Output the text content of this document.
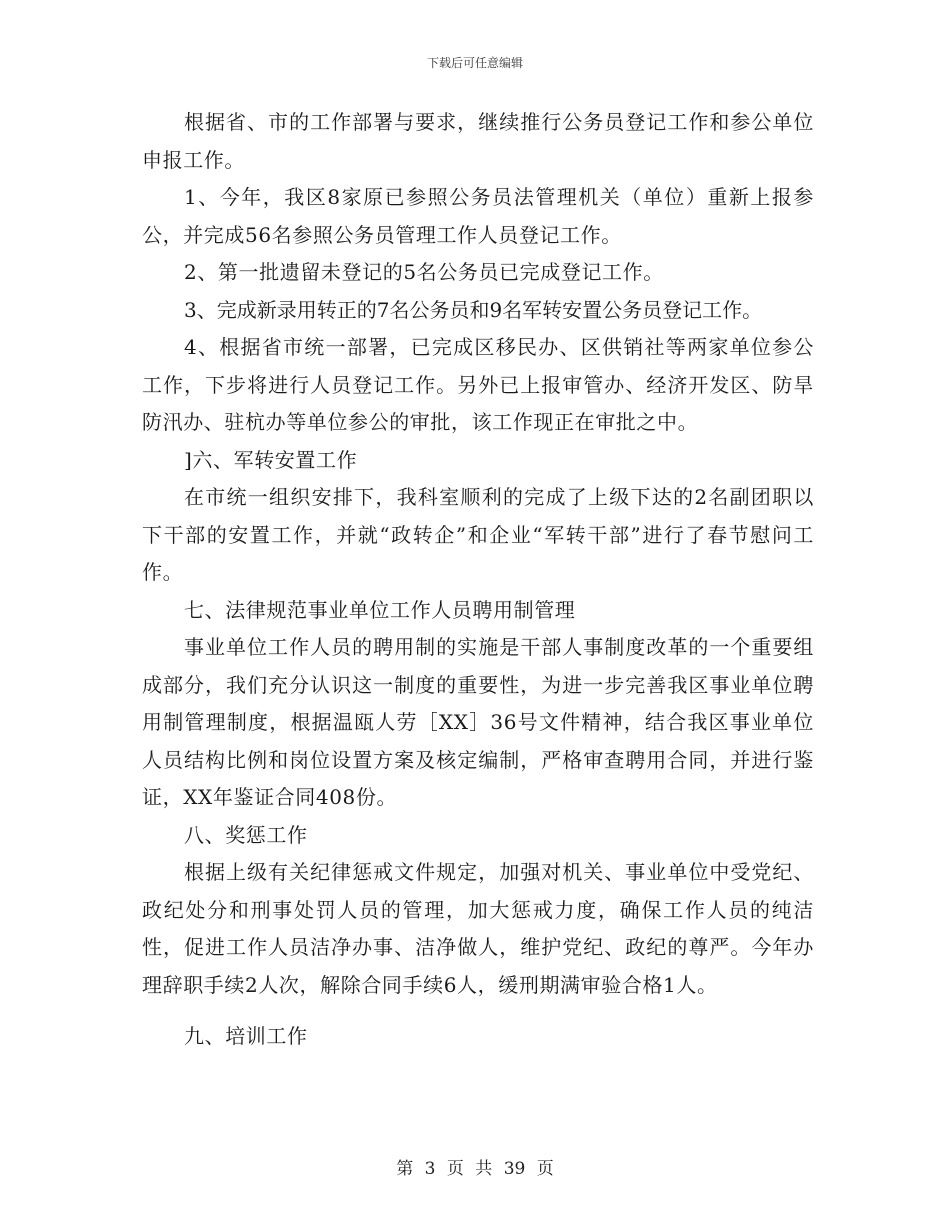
下载后可任意编辑

根据省、市的工作部署与要求，继续推行公务员登记工作和参公单位申报工作。

1、今年，我区8家原已参照公务员法管理机关（单位）重新上报参公，并完成56名参照公务员管理工作人员登记工作。

2、第一批遗留未登记的5名公务员已完成登记工作。

3、完成新录用转正的7名公务员和9名军转安置公务员登记工作。

4、根据省市统一部署，已完成区移民办、区供销社等两家单位参公工作，下步将进行人员登记工作。另外已上报审管办、经济开发区、防旱防汛办、驻杭办等单位参公的审批，该工作现正在审批之中。

]六、军转安置工作

在市统一组织安排下，我科室顺利的完成了上级下达的2名副团职以下干部的安置工作，并就“政转企”和企业“军转干部”进行了春节慰问工作。

七、法律规范事业单位工作人员聘用制管理

事业单位工作人员的聘用制的实施是干部人事制度改革的一个重要组成部分，我们充分认识这一制度的重要性，为进一步完善我区事业单位聘用制管理制度，根据温瓯人劳［XX］36号文件精神，结合我区事业单位人员结构比例和岗位设置方案及核定编制，严格审查聘用合同，并进行鉴证，XX年鉴证合同408份。

八、奖惩工作

根据上级有关纪律惩戒文件规定，加强对机关、事业单位中受党纪、政纪处分和刑事处罚人员的管理，加大惩戒力度，确保工作人员的纯洁性，促进工作人员洁净办事、洁净做人，维护党纪、政纪的尊严。今年办理辞职手续2人次，解除合同手续6人，缓刑期满审验合格1人。

九、培训工作

第 3 页 共 39 页
